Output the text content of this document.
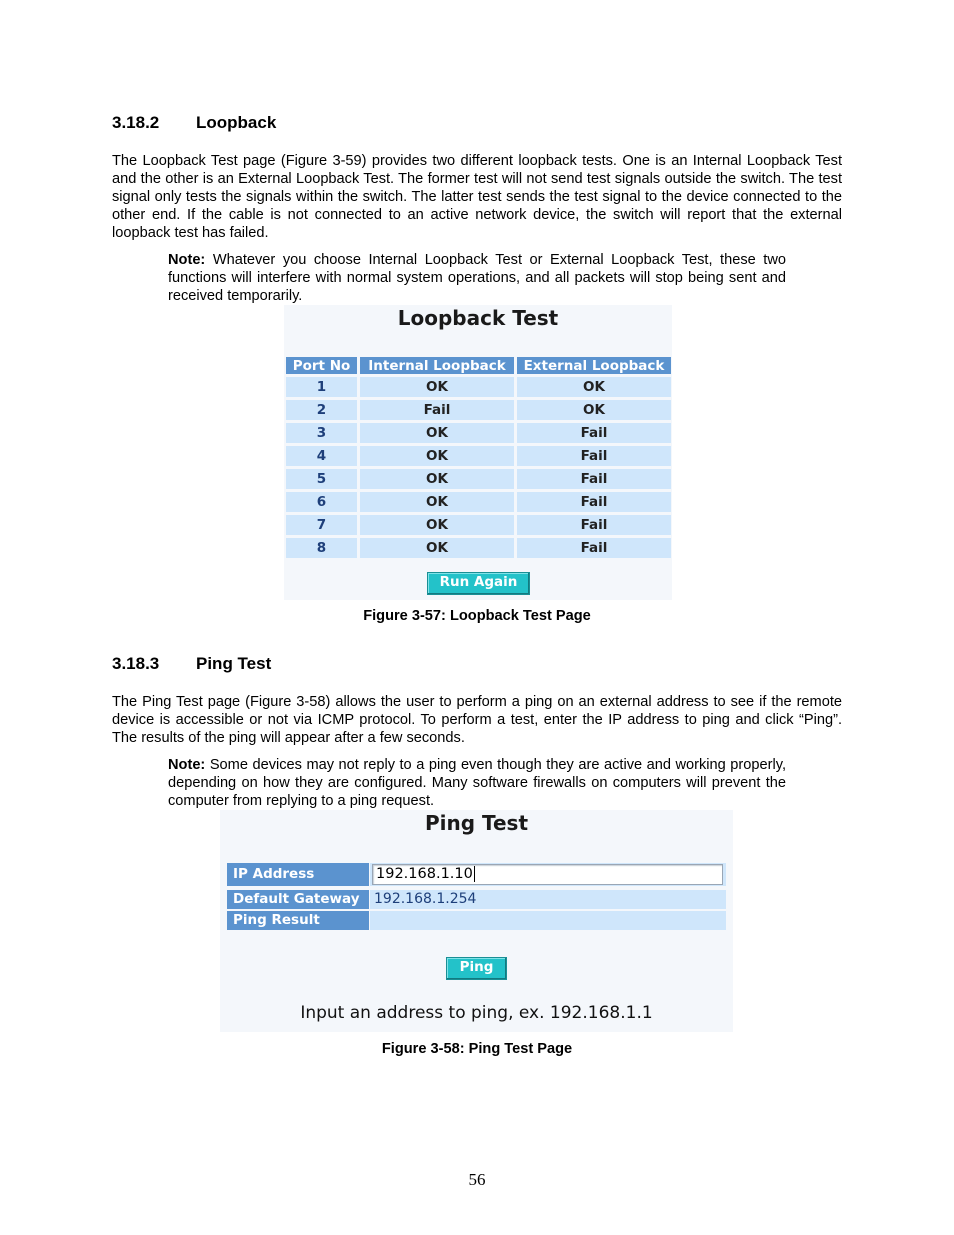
3.18.2 Loopback
The Loopback Test page (Figure 3-59) provides two different loopback tests. One is an Internal Loopback Test and the other is an External Loopback Test. The former test will not send test signals outside the switch. The test signal only tests the signals within the switch. The latter test sends the test signal to the device connected to the other end. If the cable is not connected to an active network device, the switch will report that the external loopback test has failed.
Note: Whatever you choose Internal Loopback Test or External Loopback Test, these two functions will interfere with normal system operations, and all packets will stop being sent and received temporarily.
Loopback Test
Port No	Internal Loopback	External Loopback
1	OK	OK
2	Fail	OK
3	OK	Fail
4	OK	Fail
5	OK	Fail
6	OK	Fail
7	OK	Fail
8	OK	Fail
Run Again
Figure 3-57: Loopback Test Page
3.18.3 Ping Test
The Ping Test page (Figure 3-58) allows the user to perform a ping on an external address to see if the remote device is accessible or not via ICMP protocol. To perform a test, enter the IP address to ping and click “Ping”. The results of the ping will appear after a few seconds.
Note: Some devices may not reply to a ping even though they are active and working properly, depending on how they are configured. Many software firewalls on computers will prevent the computer from replying to a ping request.
Ping Test
IP Address	192.168.1.10
Default Gateway	192.168.1.254
Ping Result
Ping
Input an address to ping, ex. 192.168.1.1
Figure 3-58: Ping Test Page
56
